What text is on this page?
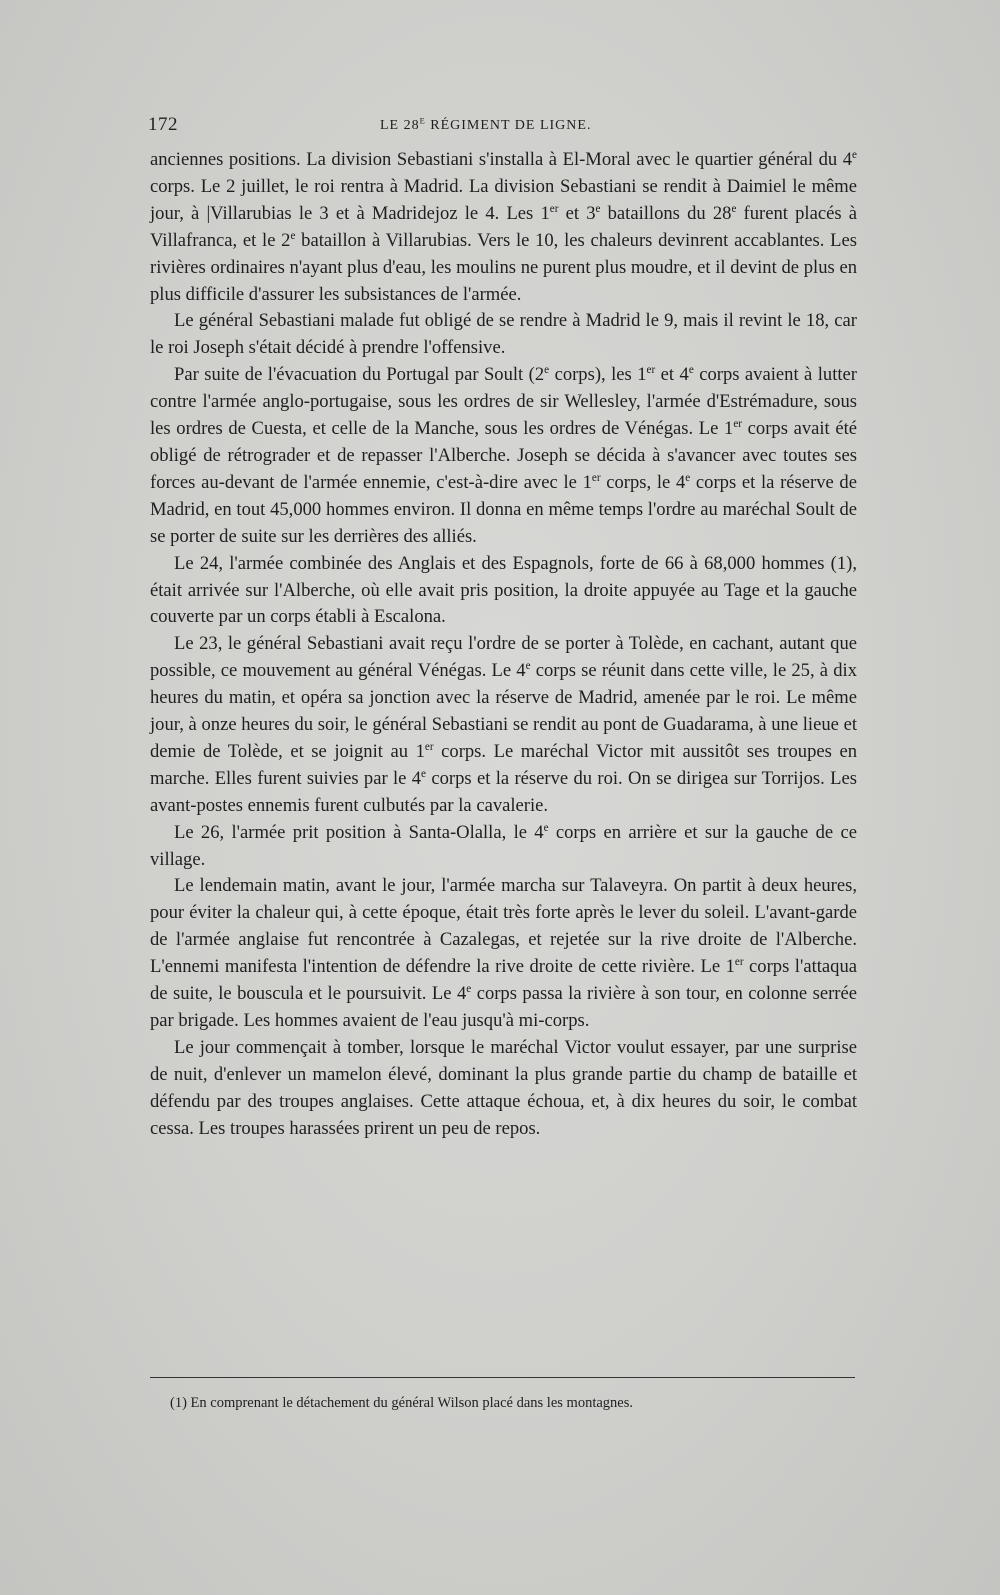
172	LE $28^E$ RÉGIMENT DE LIGNE.

anciennes positions. La division Sebastiani s'installa à El-Moral avec le quartier général du 4e corps. Le 2 juillet, le roi rentra à Madrid. La division Sebastiani se rendit à Daimiel le même jour, à |Villarubias le 3 et à Madridejoz le 4. Les 1er et 3e bataillons du 28e furent placés à Villafranca, et le 2e bataillon à Villarubias. Vers le 10, les chaleurs devinrent accablantes. Les rivières ordinaires n'ayant plus d'eau, les moulins ne purent plus moudre, et il devint de plus en plus difficile d'assurer les subsistances de l'armée.

Le général Sebastiani malade fut obligé de se rendre à Madrid le 9, mais il revint le 18, car le roi Joseph s'était décidé à prendre l'offensive.

Par suite de l'évacuation du Portugal par Soult (2e corps), les 1er et 4e corps avaient à lutter contre l'armée anglo-portugaise, sous les ordres de sir Wellesley, l'armée d'Estrémadure, sous les ordres de Cuesta, et celle de la Manche, sous les ordres de Vénégas. Le 1er corps avait été obligé de rétrograder et de repasser l'Alberche. Joseph se décida à s'avancer avec toutes ses forces au-devant de l'armée ennemie, c'est-à-dire avec le 1er corps, le 4e corps et la réserve de Madrid, en tout 45,000 hommes environ. Il donna en même temps l'ordre au maréchal Soult de se porter de suite sur les derrières des alliés.

Le 24, l'armée combinée des Anglais et des Espagnols, forte de 66 à 68,000 hommes (1), était arrivée sur l'Alberche, où elle avait pris position, la droite appuyée au Tage et la gauche couverte par un corps établi à Escalona.

Le 23, le général Sebastiani avait reçu l'ordre de se porter à Tolède, en cachant, autant que possible, ce mouvement au général Vénégas. Le 4e corps se réunit dans cette ville, le 25, à dix heures du matin, et opéra sa jonction avec la réserve de Madrid, amenée par le roi. Le même jour, à onze heures du soir, le général Sebastiani se rendit au pont de Guadarama, à une lieue et demie de Tolède, et se joignit au 1er corps. Le maréchal Victor mit aussitôt ses troupes en marche. Elles furent suivies par le 4e corps et la réserve du roi. On se dirigea sur Torrijos. Les avant-postes ennemis furent culbutés par la cavalerie.

Le 26, l'armée prit position à Santa-Olalla, le 4e corps en arrière et sur la gauche de ce village.

Le lendemain matin, avant le jour, l'armée marcha sur Talaveyra. On partit à deux heures, pour éviter la chaleur qui, à cette époque, était très forte après le lever du soleil. L'avant-garde de l'armée anglaise fut rencontrée à Cazalegas, et rejetée sur la rive droite de l'Alberche. L'ennemi manifesta l'intention de défendre la rive droite de cette rivière. Le 1er corps l'attaqua de suite, le bouscula et le poursuivit. Le 4e corps passa la rivière à son tour, en colonne serrée par brigade. Les hommes avaient de l'eau jusqu'à mi-corps.

Le jour commençait à tomber, lorsque le maréchal Victor voulut essayer, par une surprise de nuit, d'enlever un mamelon élevé, dominant la plus grande partie du champ de bataille et défendu par des troupes anglaises. Cette attaque échoua, et, à dix heures du soir, le combat cessa. Les troupes harassées prirent un peu de repos.

(1) En comprenant le détachement du général Wilson placé dans les montagnes.
